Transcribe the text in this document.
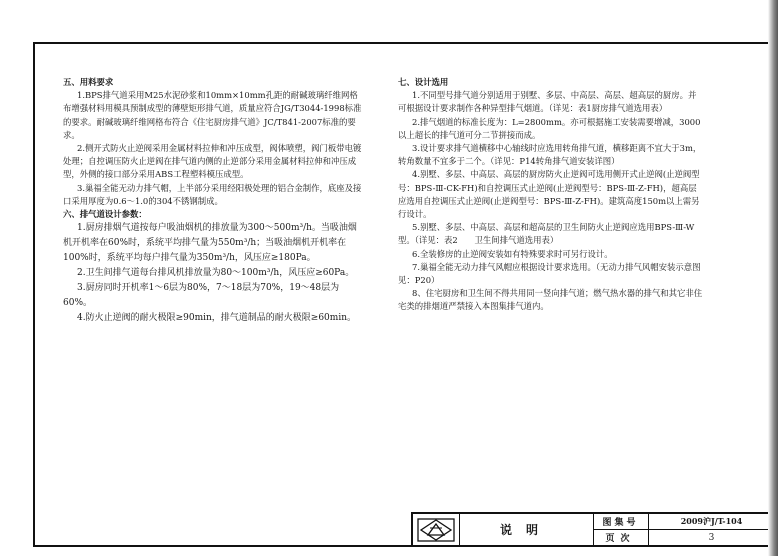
五、用料要求

1.BPS排气道采用M25水泥砂浆和10mm×10mm孔距的耐碱玻璃纤维网格布增强材料用模具预制成型的薄壁矩形排气道，质量应符合JG/T3044-1998标准的要求。耐碱玻璃纤维网格布符合《住宅厨房排气道》JC/T841-2007标准的要求。

2.侧开式防火止逆阀采用金属材料拉伸和冲压成型，阀体喷塑，阀门板带电镀处理；自控调压防火止逆阀在排气道内侧的止逆部分采用金属材料拉伸和冲压成型，外侧的接口部分采用ABS工程塑料模压成型。

3.巢福全能无动力排气帽，上半部分采用经阳极处理的铝合金制作，底座及接口采用厚度为0.6～1.0的304不锈钢制成。

六、排气道设计参数：

1.厨房排烟气道按每户吸油烟机的排放量为300～500m³/h。当吸油烟机开机率在60%时，系统平均排气量为550m³/h；当吸油烟机开机率在100%时，系统平均每户排气量为350m³/h，风压应≥180Pa。

2.卫生间排气道每台排风机排放量为80～100m³/h，风压应≥60Pa。

3.厨房同时开机率1～6层为80%，7～18层为70%，19～48层为60%。

4.防火止逆阀的耐火极限≥90min，排气道制品的耐火极限≥60min。

七、设计选用

1.不同型号排气道分别适用于别墅、多层、中高层、高层、超高层的厨房。并可根据设计要求制作各种异型排气烟道。（详见：表1厨房排气道选用表）

2.排气烟道的标准长度为：L=2800mm。亦可根据施工安装需要增减，3000以上超长的排气道可分二节拼接而成。

3.设计要求排气道横移中心轴线时应选用转角排气道，横移距离不宜大于3m，转角数量不宜多于二个。（详见：P14转角排气道安装详图）

4.别墅、多层、中高层、高层的厨房防火止逆阀可选用侧开式止逆阀(止逆阀型号：BPS-Ⅲ-CK-FH)和自控调压式止逆阀(止逆阀型号：BPS-Ⅲ-Z-FH)，超高层应选用自控调压式止逆阀(止逆阀型号：BPS-Ⅲ-Z-FH)。建筑高度150m以上需另行设计。

5.别墅、多层、中高层、高层和超高层的卫生间防火止逆阀应选用BPS-Ⅲ-W型。（详见：表2　　卫生间排气道选用表）

6.全装修房的止逆阀安装如有特殊要求时可另行设计。

7.巢福全能无动力排气风帽应根据设计要求选用。（无动力排气风帽安装示意图见：P20）

8、住宅厨房和卫生间不得共用同一竖向排气道；燃气热水器的排气和其它非住宅类的排烟道严禁接入本图集排气道内。

说明	图集号	2009沪J/T-104
页次	3
